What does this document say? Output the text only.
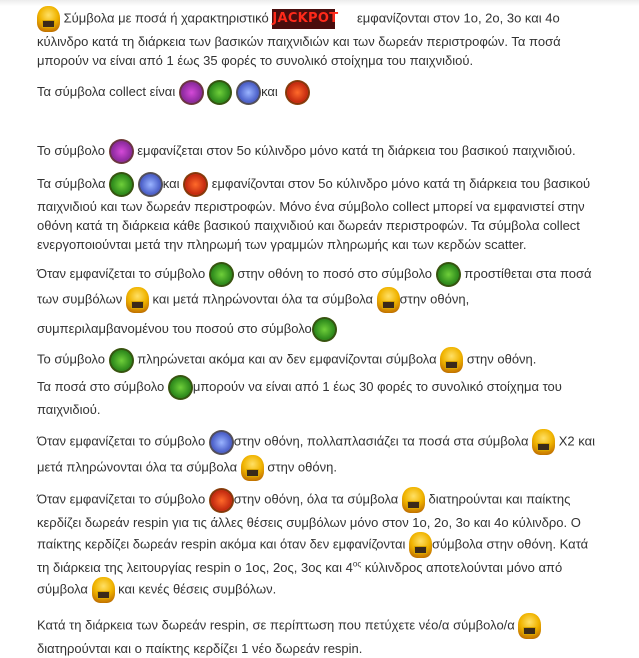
Σύμβολα με ποσά ή χαρακτηριστικό JACKPOT εμφανίζονται στον 1ο, 2ο, 3ο και 4ο κύλινδρο κατά τη διάρκεια των βασικών παιχνιδιών και των δωρεάν περιστροφών. Τα ποσά μπορούν να είναι από 1 έως 35 φορές το συνολικό στοίχημα του παιχνιδιού.

Τα σύμβολα collect είναι	και

Το σύμβολο  εμφανίζεται στον 5ο κύλινδρο μόνο κατά τη διάρκεια του βασικού παιχνιδιού.

Τα σύμβολα	και  εμφανίζονται στον 5ο κύλινδρο μόνο κατά τη διάρκεια του βασικού παιχνιδιού και των δωρεάν περιστροφών. Μόνο ένα σύμβολο collect μπορεί να εμφανιστεί στην οθόνη κατά τη διάρκεια κάθε βασικού παιχνιδιού και δωρεάν περιστροφών. Τα σύμβολα collect ενεργοποιούνται μετά την πληρωμή των γραμμών πληρωμής και των κερδών scatter.

Όταν εμφανίζεται το σύμβολο  στην οθόνη το ποσό στο σύμβολο  προστίθεται στα ποσά των συμβόλων  και μετά πληρώνονται όλα τα σύμβολα στην οθόνη,
συμπεριλαμβανομένου του ποσού στο σύμβολο

Το σύμβολο  πληρώνεται ακόμα και αν δεν εμφανίζονται σύμβολα  στην οθόνη.

Τα ποσά στο σύμβολο μπορούν να είναι από 1 έως 30 φορές το συνολικό στοίχημα του παιχνιδιού.

Όταν εμφανίζεται το σύμβολο στην οθόνη, πολλαπλασιάζει τα ποσά στα σύμβολα  X2 και μετά πληρώνονται όλα τα σύμβολα  στην οθόνη.

Όταν εμφανίζεται το σύμβολο στην οθόνη, όλα τα σύμβολα  διατηρούνται και παίκτης κερδίζει δωρεάν respin για τις άλλες θέσεις συμβόλων μόνο στον 1ο, 2ο, 3ο και 4ο κύλινδρο. Ο παίκτης κερδίζει δωρεάν respin ακόμα και όταν δεν εμφανίζονται σύμβολα στην οθόνη. Κατά τη διάρκεια της λειτουργίας respin ο 1ος, 2ος, 3ος και $4^{o\varsigma}$ κύλινδρος αποτελούνται μόνο από σύμβολα  και κενές θέσεις συμβόλων.

Κατά τη διάρκεια των δωρεάν respin, σε περίπτωση που πετύχετε νέο/α σύμβολο/α  διατηρούνται και ο παίκτης κερδίζει 1 νέο δωρεάν respin.
